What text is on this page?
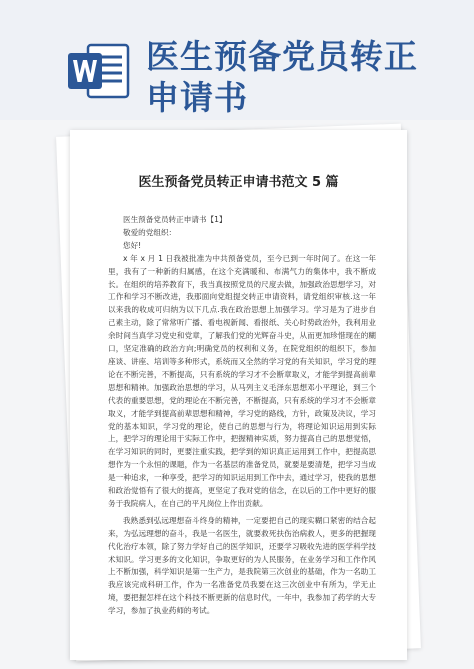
医生预备党员转正申请书
医生预备党员转正申请书范文 5 篇

医生预备党员转正申请书【1】

敬爱的党组织：

您好!

x 年 x 月 1 日我被批准为中共预备党员，至今已到一年时间了。在这一年里，我有了一种新的归属感，在这个充满暖和、布满气力的集体中，我不断成长。在组织的培养教育下，我当真按照党员的尺度去做，加强政治思想学习，对工作和学习不断改进，我那面向党组提交转正申请资料，请党组织审核.这一年以来我的收成可归纳为以下几点.我在政治思想上加强学习。学习是为了进步自己素主动，除了常常听广播、看电视新闻、看报纸、关心时势政治外，我利用业余时间当真学习党史和党章，了解我们党的光辉奋斗史，从而更加珍惜现在的糊口，坚定准确的政治方向;明确党员的权利和义务，在院党组织的组织下，参加座谈、讲座、培训等多种形式，系统而又全然的学习党的有关知识，学习党的理论在不断完善，不断提高，只有系统的学习才不会断章取义，才能学到提高前辈思想和精神。加强政治思想的学习，从马列主义毛泽东思想邓小平理论，到三个代表的重要思想，党的理论在不断完善，不断提高，只有系统的学习才不会断章取义，才能学到提高前辈思想和精神，学习党的路线，方针，政策及决议，学习党的基本知识，学习党的理论，使自己的思想与行为，将理论知识运用到实际上，把学习的理论用于实际工作中，把握精神实质，努力提高自己的思想觉悟，在学习知识的同时，更要注重实践，把学到的知识真正运用到工作中，把提高思想作为一个永恒的课题，作为一名基层的准备党员，就要是要清楚，把学习当成是一种追求，一种享受，把学习的知识运用到工作中去，通过学习，使我的思想和政治觉悟有了很大的提高，更坚定了我对党的信念，在以后的工作中更好的服务于我院病人，在自己的平凡岗位上作出贡献。

我熟悉到弘远理想奋斗终身的精神，一定要把自己的现实糊口紧密的结合起来，为弘远理想的奋斗，我是一名医生，就要救死扶伤治病救人，更多的把握现代化治疗本领，除了努力学好自己的医学知识，还要学习吸收先进的医学科学技术知识。学习更多的文化知识，争取更好的为人民服务，在业务学习和工作作风上不断加强，科学知识是第一生产力，是我院第三次创业的基础，作为一名助工我应该完成科研工作，作为一名准备党员我要在这三次创业中有所为，学无止境，要把握怎样在这个科技不断更新的信息时代，一年中，我参加了药学的大专学习，参加了执业药师的考试。
